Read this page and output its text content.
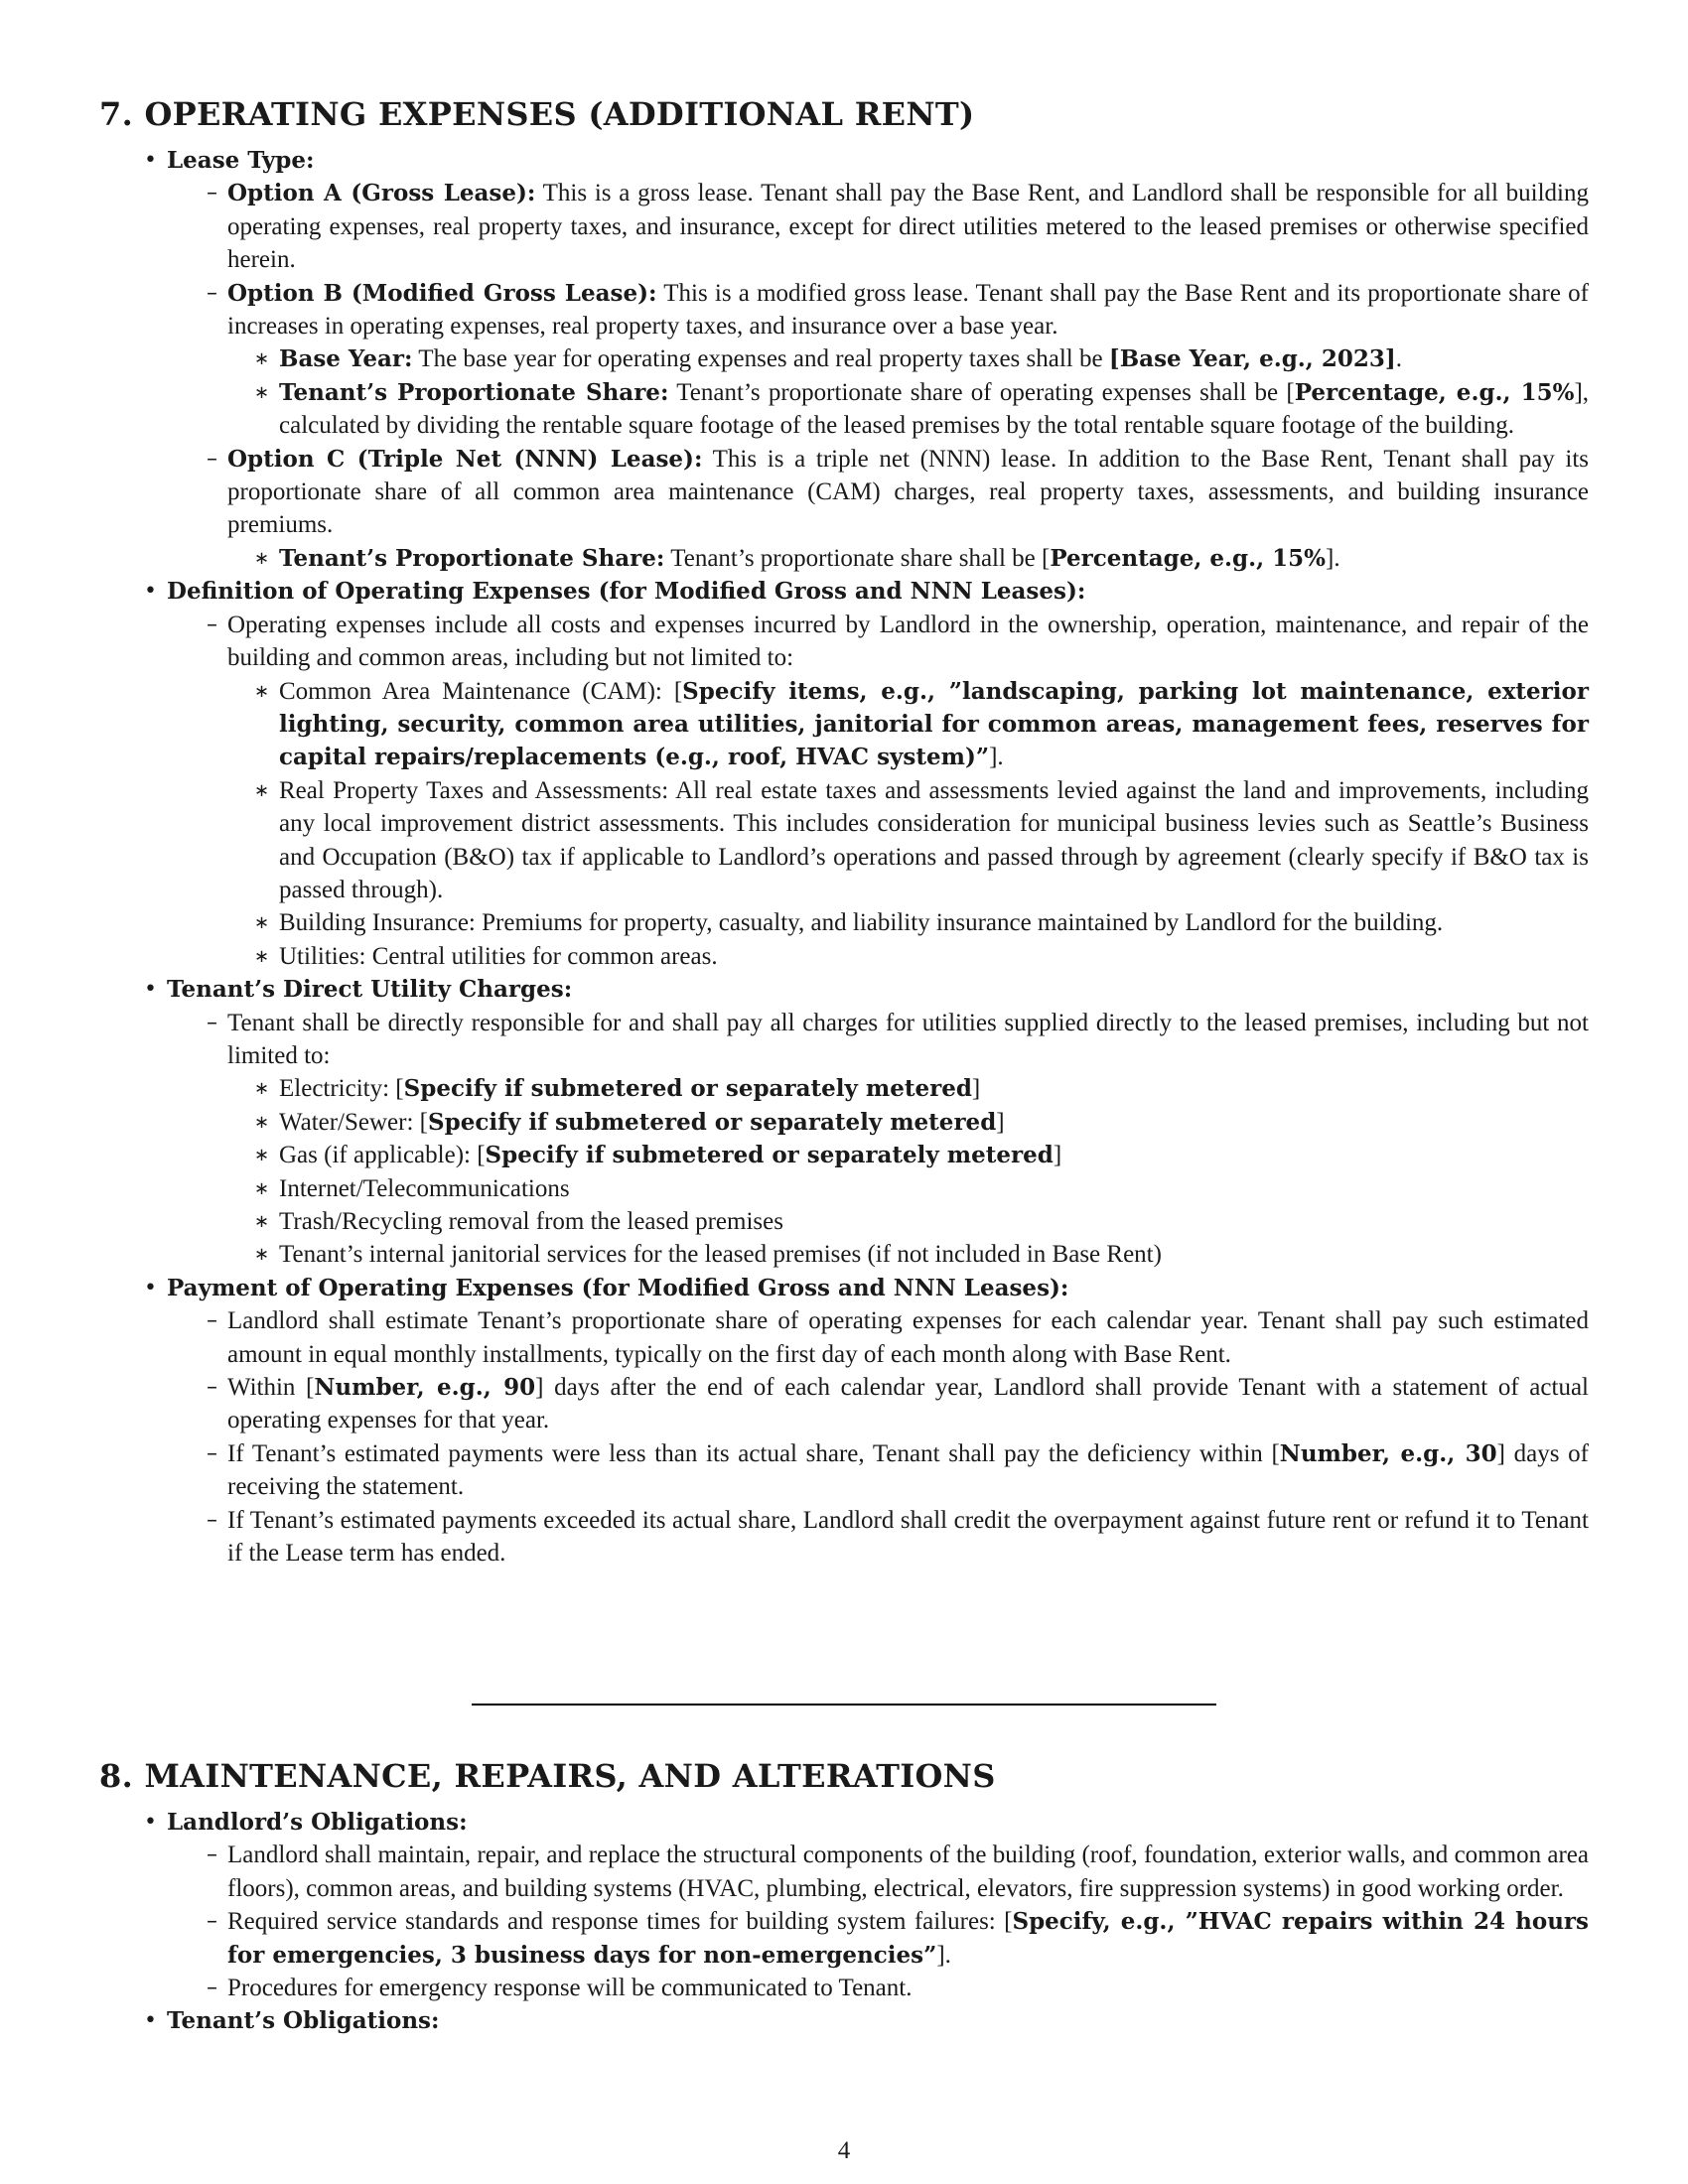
7. OPERATING EXPENSES (ADDITIONAL RENT)

• Lease Type:

– Option A (Gross Lease): This is a gross lease. Tenant shall pay the Base Rent, and Landlord shall be responsible for all building operating expenses, real property taxes, and insurance, except for direct utilities metered to the leased premises or otherwise specified herein.

– Option B (Modified Gross Lease): This is a modified gross lease. Tenant shall pay the Base Rent and its proportionate share of increases in operating expenses, real property taxes, and insurance over a base year.

∗ Base Year: The base year for operating expenses and real property taxes shall be [Base Year, e.g., 2023].

∗ Tenant’s Proportionate Share: Tenant’s proportionate share of operating expenses shall be [Percentage, e.g., 15%], calculated by dividing the rentable square footage of the leased premises by the total rentable square footage of the building.

– Option C (Triple Net (NNN) Lease): This is a triple net (NNN) lease. In addition to the Base Rent, Tenant shall pay its proportionate share of all common area maintenance (CAM) charges, real property taxes, assessments, and building insurance premiums.

∗ Tenant’s Proportionate Share: Tenant’s proportionate share shall be [Percentage, e.g., 15%].

• Definition of Operating Expenses (for Modified Gross and NNN Leases):

– Operating expenses include all costs and expenses incurred by Landlord in the ownership, operation, maintenance, and repair of the building and common areas, including but not limited to:

∗ Common Area Maintenance (CAM): [Specify items, e.g., ”landscaping, parking lot maintenance, exterior lighting, security, common area utilities, janitorial for common areas, management fees, reserves for capital repairs/replacements (e.g., roof, HVAC system)”].

∗ Real Property Taxes and Assessments: All real estate taxes and assessments levied against the land and improvements, including any local improvement district assessments. This includes consideration for municipal business levies such as Seattle’s Business and Occupation (B&O) tax if applicable to Landlord’s operations and passed through by agreement (clearly specify if B&O tax is passed through).

∗ Building Insurance: Premiums for property, casualty, and liability insurance maintained by Landlord for the building.

∗ Utilities: Central utilities for common areas.

• Tenant’s Direct Utility Charges:

– Tenant shall be directly responsible for and shall pay all charges for utilities supplied directly to the leased premises, including but not limited to:

∗ Electricity: [Specify if submetered or separately metered]

∗ Water/Sewer: [Specify if submetered or separately metered]

∗ Gas (if applicable): [Specify if submetered or separately metered]

∗ Internet/Telecommunications

∗ Trash/Recycling removal from the leased premises

∗ Tenant’s internal janitorial services for the leased premises (if not included in Base Rent)

• Payment of Operating Expenses (for Modified Gross and NNN Leases):

– Landlord shall estimate Tenant’s proportionate share of operating expenses for each calendar year. Tenant shall pay such estimated amount in equal monthly installments, typically on the first day of each month along with Base Rent.

– Within [Number, e.g., 90] days after the end of each calendar year, Landlord shall provide Tenant with a statement of actual operating expenses for that year.

– If Tenant’s estimated payments were less than its actual share, Tenant shall pay the deficiency within [Number, e.g., 30] days of receiving the statement.

– If Tenant’s estimated payments exceeded its actual share, Landlord shall credit the overpayment against future rent or refund it to Tenant if the Lease term has ended.

8. MAINTENANCE, REPAIRS, AND ALTERATIONS

• Landlord’s Obligations:

– Landlord shall maintain, repair, and replace the structural components of the building (roof, foundation, exterior walls, and common area floors), common areas, and building systems (HVAC, plumbing, electrical, elevators, fire suppression systems) in good working order.

– Required service standards and response times for building system failures: [Specify, e.g., ”HVAC repairs within 24 hours for emergencies, 3 business days for non-emergencies”].

– Procedures for emergency response will be communicated to Tenant.

• Tenant’s Obligations:

4
